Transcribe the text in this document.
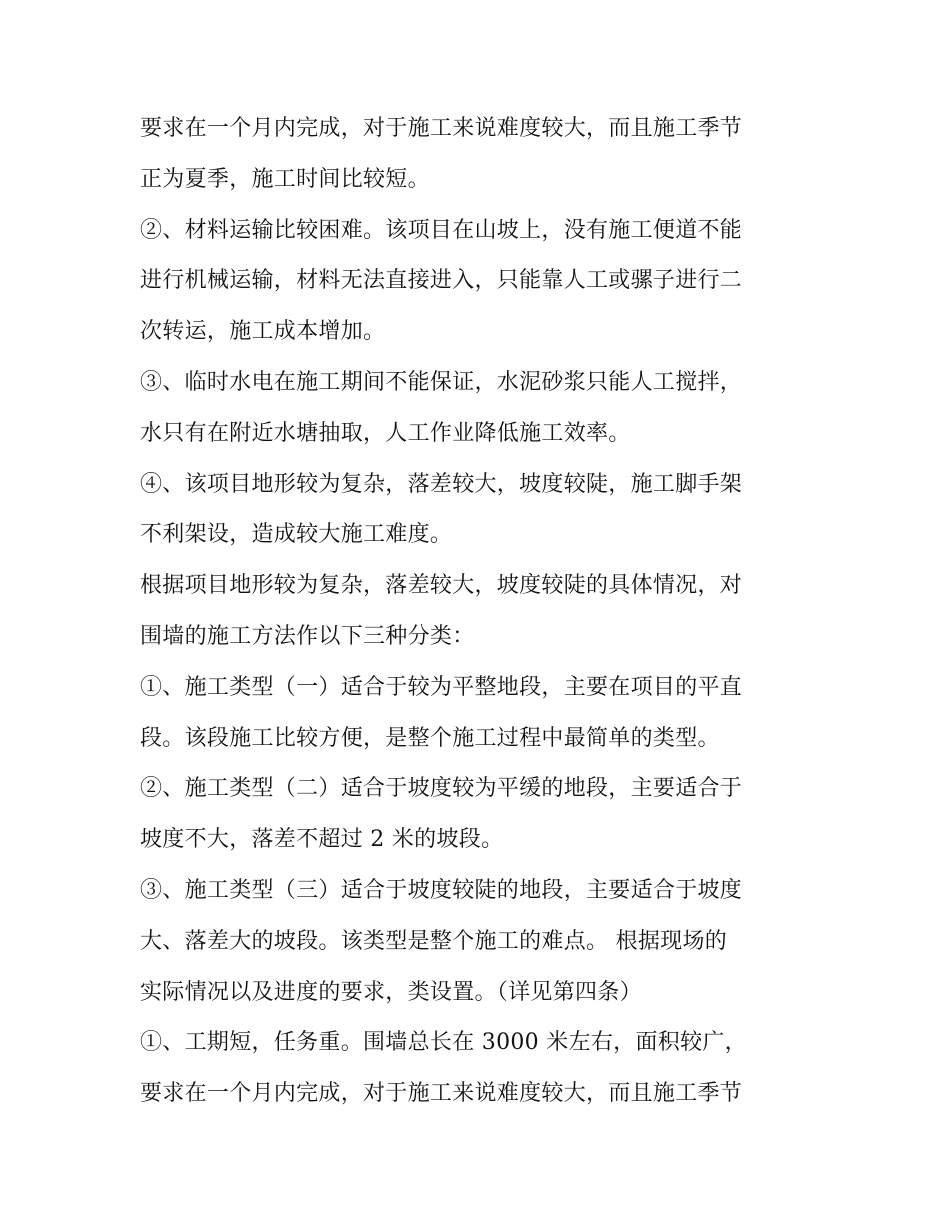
要求在一个月内完成，对于施工来说难度较大，而且施工季节
正为夏季，施工时间比较短。
②、材料运输比较困难。该项目在山坡上，没有施工便道不能
进行机械运输，材料无法直接进入，只能靠人工或骡子进行二
次转运，施工成本增加。
③、临时水电在施工期间不能保证，水泥砂浆只能人工搅拌，
水只有在附近水塘抽取，人工作业降低施工效率。
④、该项目地形较为复杂，落差较大，坡度较陡，施工脚手架
不利架设，造成较大施工难度。
根据项目地形较为复杂，落差较大，坡度较陡的具体情况，对
围墙的施工方法作以下三种分类：
①、施工类型（一）适合于较为平整地段，主要在项目的平直
段。该段施工比较方便，是整个施工过程中最简单的类型。
②、施工类型（二）适合于坡度较为平缓的地段，主要适合于
坡度不大，落差不超过 2 米的坡段。
③、施工类型（三）适合于坡度较陡的地段，主要适合于坡度
大、落差大的坡段。该类型是整个施工的难点。 根据现场的
实际情况以及进度的要求，类设置。（详见第四条）
①、工期短，任务重。围墙总长在 3000 米左右，面积较广，
要求在一个月内完成，对于施工来说难度较大，而且施工季节
